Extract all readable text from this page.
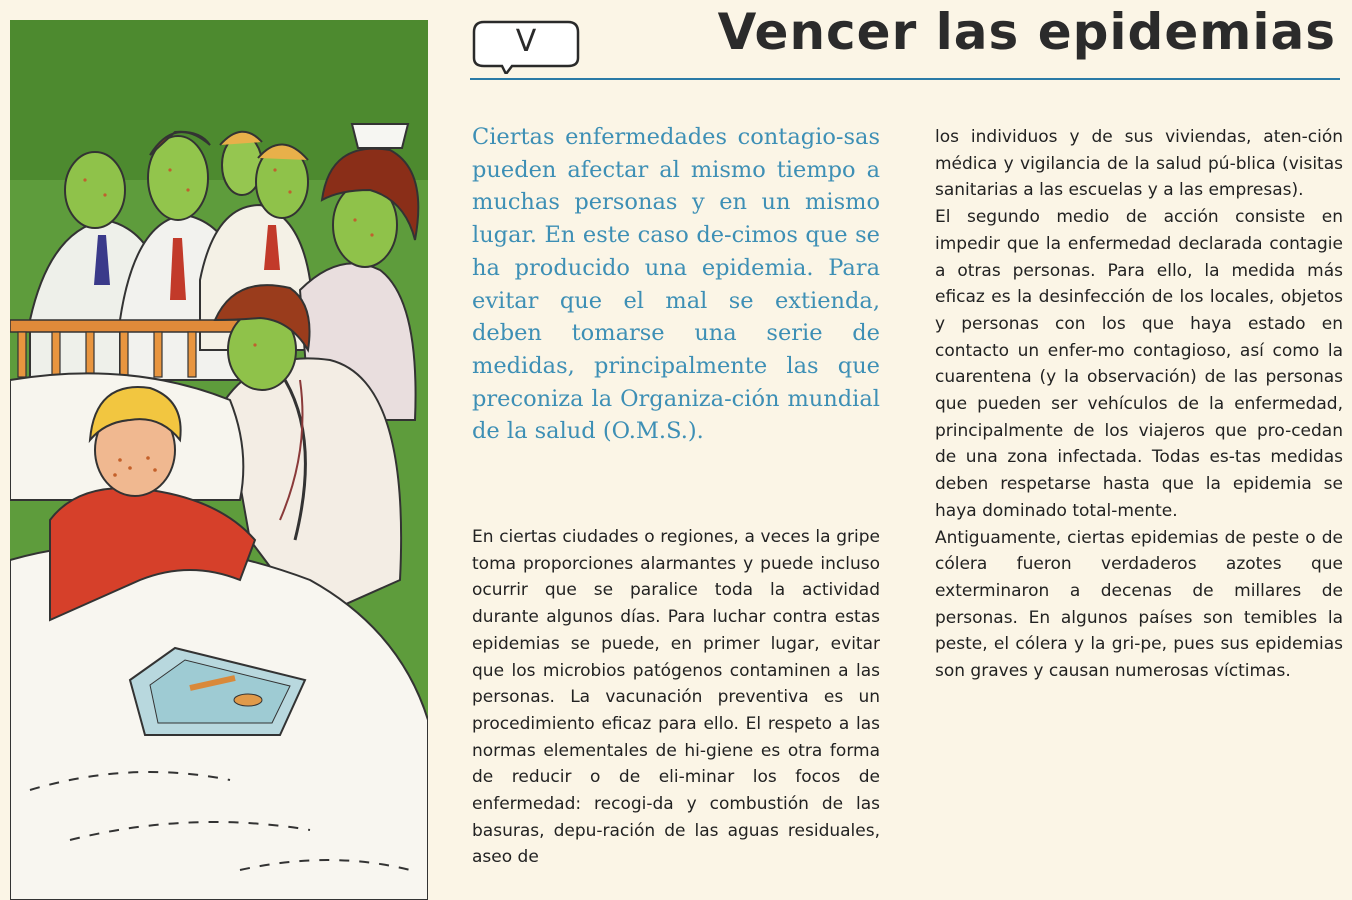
V	Vencer las epidemias

Ciertas enfermedades contagio-sas pueden afectar al mismo tiempo a muchas personas y en un mismo lugar. En este caso de-cimos que se ha producido una epidemia. Para evitar que el mal se extienda, deben tomarse una serie de medidas, principalmente las que preconiza la Organiza-ción mundial de la salud (O.M.S.).

En ciertas ciudades o regiones, a veces la gripe toma proporciones alarmantes y puede incluso ocurrir que se paralice toda la actividad durante algunos días. Para luchar contra estas epidemias se puede, en primer lugar, evitar que los microbios patógenos contaminen a las personas. La vacunación preventiva es un procedimiento eficaz para ello. El respeto a las normas elementales de hi-giene es otra forma de reducir o de eli-minar los focos de enfermedad: recogi-da y combustión de las basuras, depu-ración de las aguas residuales, aseo de
los individuos y de sus viviendas, aten-ción médica y vigilancia de la salud pú-blica (visitas sanitarias a las escuelas y a las empresas).
El segundo medio de acción consiste en impedir que la enfermedad declarada contagie a otras personas. Para ello, la medida más eficaz es la desinfección de los locales, objetos y personas con los que haya estado en contacto un enfer-mo contagioso, así como la cuarentena (y la observación) de las personas que pueden ser vehículos de la enfermedad, principalmente de los viajeros que pro-cedan de una zona infectada. Todas es-tas medidas deben respetarse hasta que la epidemia se haya dominado total-mente.
Antiguamente, ciertas epidemias de peste o de cólera fueron verdaderos azotes que exterminaron a decenas de millares de personas. En algunos países son temibles la peste, el cólera y la gri-pe, pues sus epidemias son graves y causan numerosas víctimas.
